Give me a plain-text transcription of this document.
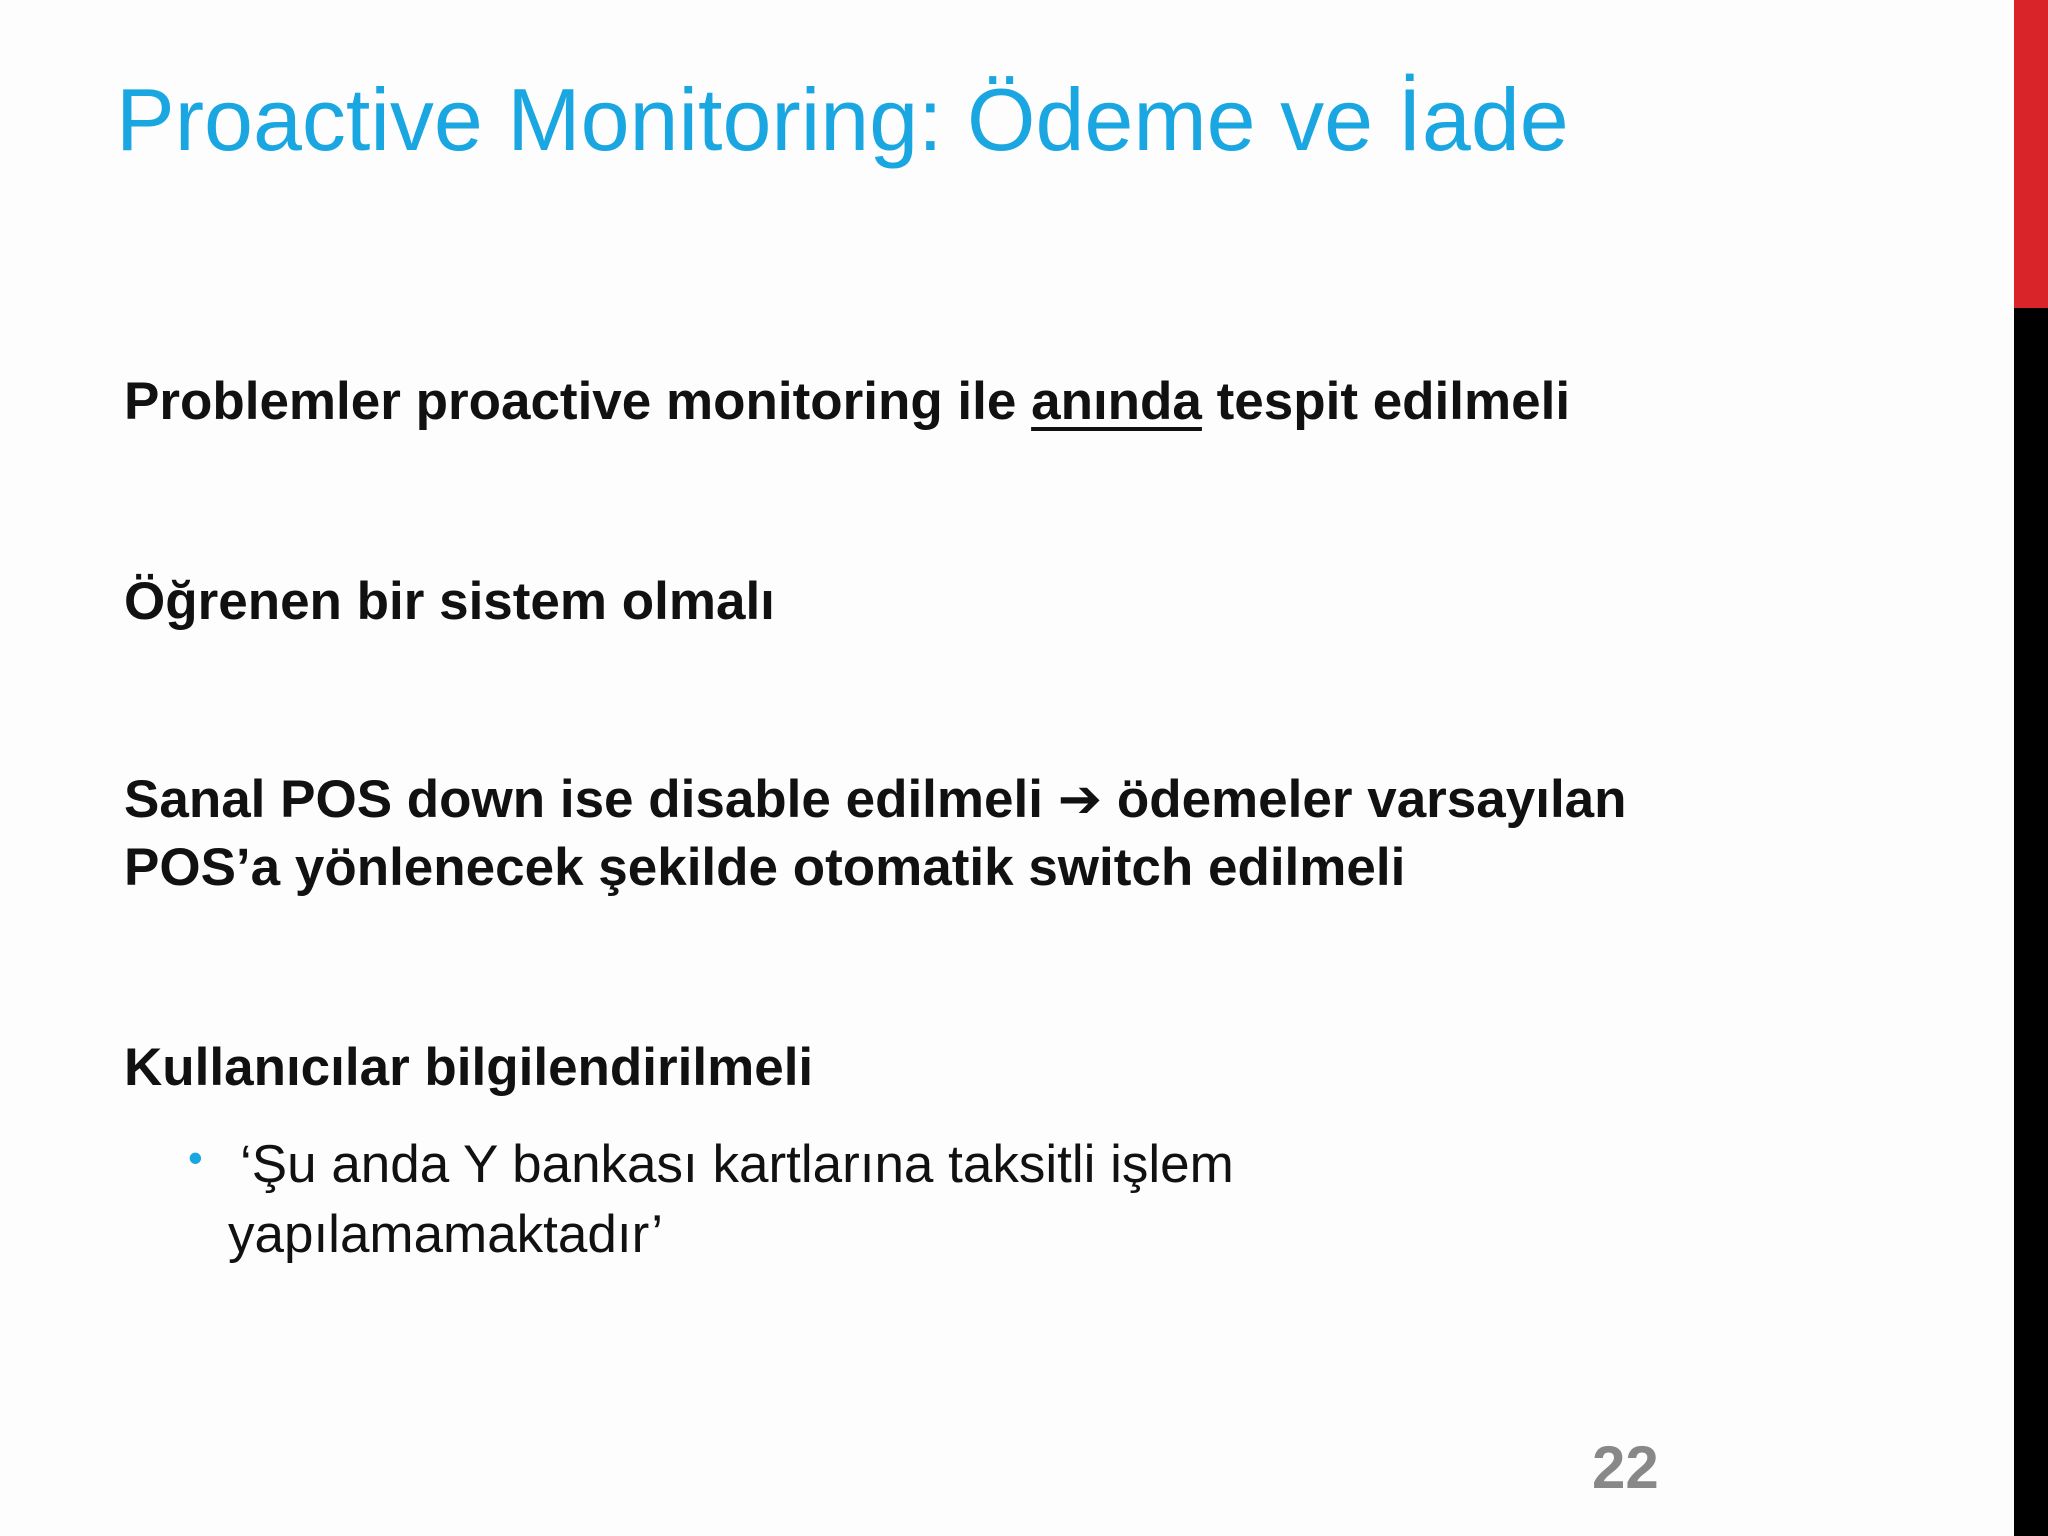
Proactive Monitoring: Ödeme ve İade

Problemler proactive monitoring ile anında tespit edilmeli

Öğrenen bir sistem olmalı

Sanal POS down ise disable edilmeli ➔ ödemeler varsayılan

POS’a yönlenecek şekilde otomatik switch edilmeli

Kullanıcılar bilgilendirilmeli

• ‘Şu anda Y bankası kartlarına taksitli işlem
yapılamamaktadır’
22
